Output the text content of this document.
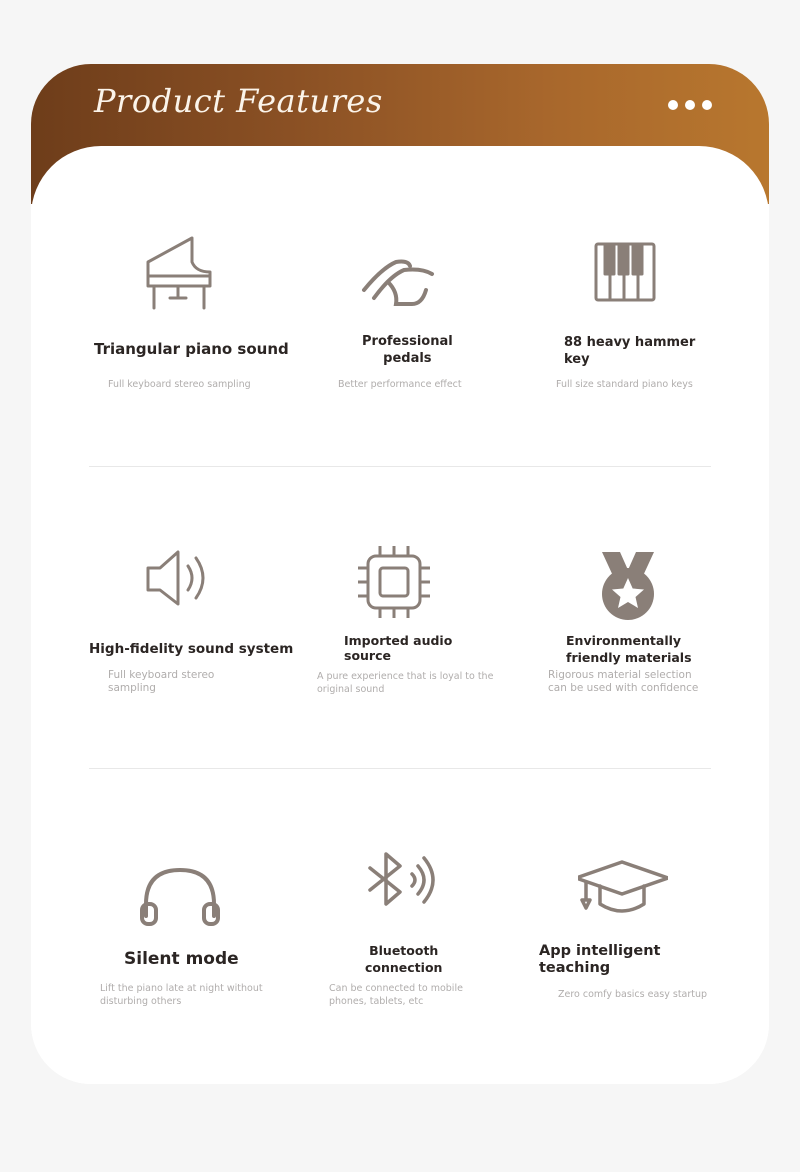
Product Features
Triangular piano sound
Full keyboard stereo sampling
Professional
pedals
Better performance effect
88 heavy hammer
key
Full size standard piano keys
High-fidelity sound system
Full keyboard stereo
sampling
Imported audio
source
A pure experience that is loyal to the
original sound
Environmentally
friendly materials
Rigorous material selection
can be used with confidence
Silent mode
Lift the piano late at night without
disturbing others
Bluetooth
connection
Can be connected to mobile
phones, tablets, etc
App intelligent
teaching
Zero comfy basics easy startup
